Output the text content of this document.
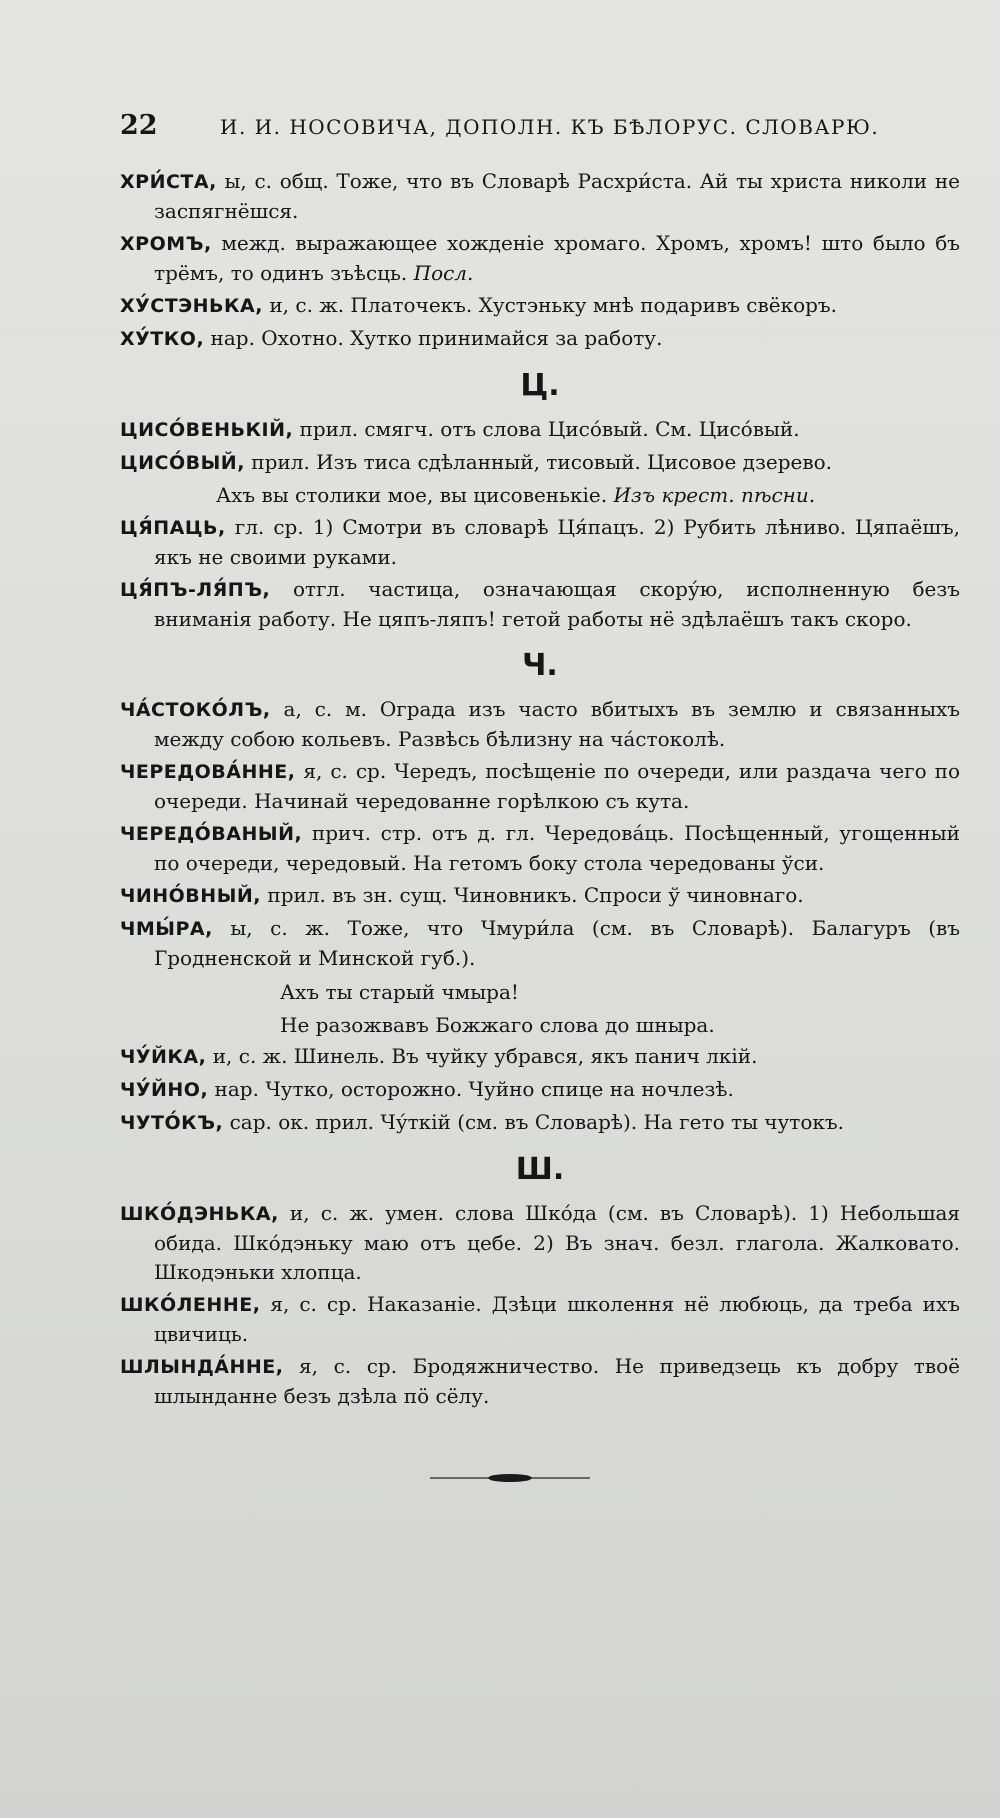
22	И. И. НОСОВИЧА, ДОПОЛН. КЪ БѢЛОРУС. СЛОВАРЮ.

ХРИ́СТА, ы, с. общ. Тоже, что въ Словарѣ Расхри́ста. Ай ты христа николи не заспягнёшся.

ХРОМЪ, межд. выражающее хожденіе хромаго. Хромъ, хромъ! што было бъ трёмъ, то одинъ зъѣсць. Посл.

ХУ́СТЭНЬКА, и, с. ж. Платочекъ. Хустэньку мнѣ подаривъ свёкоръ.

ХУ́ТКО, нар. Охотно. Хутко принимайся за работу.

Ц.

ЦИСО́ВЕНЬКІЙ, прил. смягч. отъ слова Цисо́вый. См. Цисо́вый.

ЦИСО́ВЫЙ, прил. Изъ тиса сдѣланный, тисовый. Цисовое дзерево.

Ахъ вы столики мое, вы цисовенькіе. Изъ крест. пѣсни.

ЦЯ́ПАЦЬ, гл. ср. 1) Смотри въ словарѣ Ця́пацъ. 2) Рубить лѣниво. Цяпаёшъ, якъ не своими руками.

ЦЯ́ПЪ-ЛЯ́ПЪ, отгл. частица, означающая скору́ю, исполненную безъ вниманія работу. Не цяпъ-ляпъ! гетой работы нё здѣлаёшъ такъ скоро.

Ч.

ЧА́СТОКО́ЛЪ, а, с. м. Ограда изъ часто вбитыхъ въ землю и связанныхъ между собою кольевъ. Развѣсь бѣлизну на ча́стоколѣ.

ЧЕРЕДОВА́ННЕ, я, с. ср. Чередъ, посѣщеніе по очереди, или раздача чего по очереди. Начинай чередованне горѣлкою съ кута.

ЧЕРЕДО́ВАНЫЙ, прич. стр. отъ д. гл. Чередова́ць. Посѣщенный, угощенный по очереди, чередовый. На гетомъ боку стола чередованы ўси.

ЧИНО́ВНЫЙ, прил. въ зн. сущ. Чиновникъ. Спроси ў чиновнаго.

ЧМЫ́РА, ы, с. ж. Тоже, что Чмури́ла (см. въ Словарѣ). Балагуръ (въ Гродненской и Минской губ.).

Ахъ ты старый чмыра!
Не разожвавъ Божжаго слова до шныра.

ЧУ́ЙКА, и, с. ж. Шинель. Въ чуйку убрався, якъ панич лкій.

ЧУ́ЙНО, нар. Чутко, осторожно. Чуйно спице на ночлезѣ.

ЧУТО́КЪ, сар. ок. прил. Чу́ткій (см. въ Словарѣ). На гето ты чутокъ.

Ш.

ШКО́ДЭНЬКА, и, с. ж. умен. слова Шко́да (см. въ Словарѣ). 1) Небольшая обида. Шко́дэньку маю отъ цебе. 2) Въ знач. безл. глагола. Жалковато. Шкодэньки хлопца.

ШКО́ЛЕННЕ, я, с. ср. Наказаніе. Дзѣци школення нё любюць, да треба ихъ цвичиць.

ШЛЫНДА́ННЕ, я, с. ср. Бродяжничество. Не приведзець къ добру твоё шлынданне безъ дзѣла пö сёлу.
